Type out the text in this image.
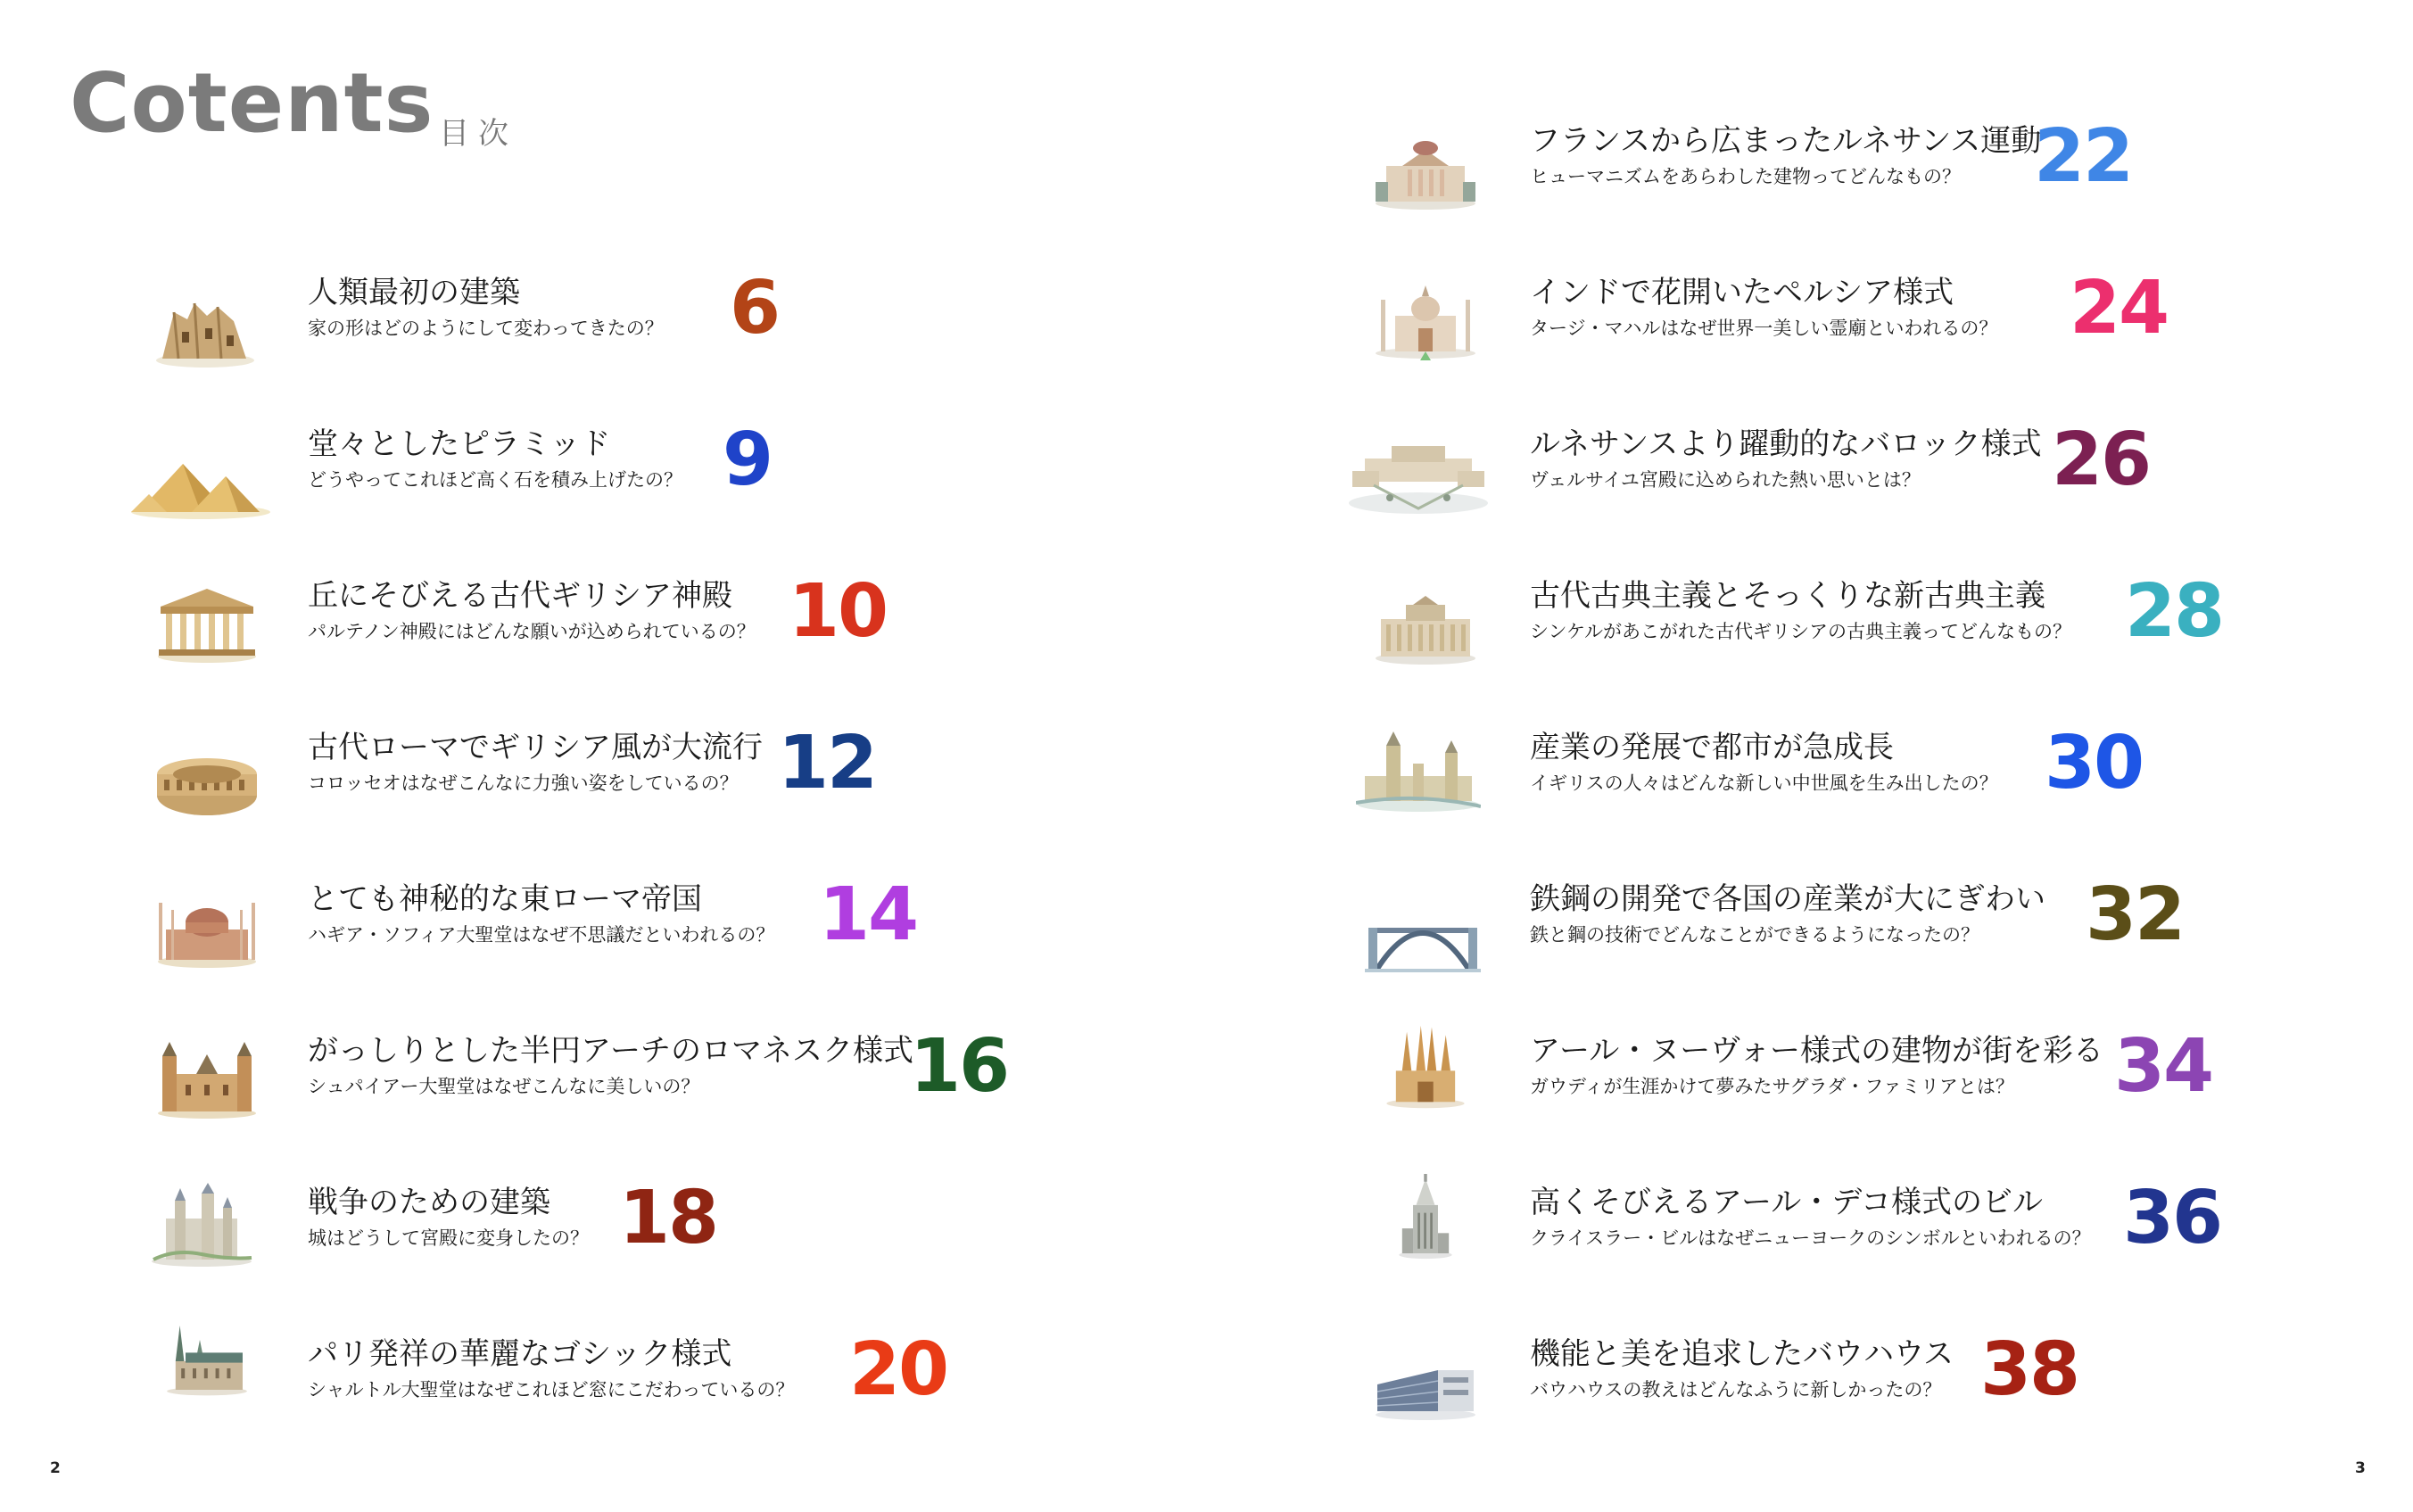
Cotents 目次
人類最初の建築
家の形はどのようにして変わってきたの？ 6
堂々としたピラミッド
どうやってこれほど高く石を積み上げたの？ 9
丘にそびえる古代ギリシア神殿
パルテノン神殿にはどんな願いが込められているの？ 10
古代ローマでギリシア風が大流行
コロッセオはなぜこんなに力強い姿をしているの？ 12
とても神秘的な東ローマ帝国
ハギア・ソフィア大聖堂はなぜ不思議だといわれるの？ 14
がっしりとした半円アーチのロマネスク様式
シュパイアー大聖堂はなぜこんなに美しいの？	16
戦争のための建築
城はどうして宮殿に変身したの？ 18
パリ発祥の華麗なゴシック様式
シャルトル大聖堂はなぜこれほど窓にこだわっているの？ 20
フランスから広まったルネサンス運動
ヒューマニズムをあらわした建物ってどんなもの？	22
インドで花開いたペルシア様式
タージ・マハルはなぜ世界一美しい霊廟といわれるの？ 24
ルネサンスより躍動的なバロック様式
ヴェルサイユ宮殿に込められた熱い思いとは？	26
古代古典主義とそっくりな新古典主義
シンケルがあこがれた古代ギリシアの古典主義ってどんなもの？ 28
産業の発展で都市が急成長
イギリスの人々はどんな新しい中世風を生み出したの？ 30
鉄鋼の開発で各国の産業が大にぎわい
鉄と鋼の技術でどんなことができるようになったの？	32
アール・ヌーヴォー様式の建物が街を彩る
ガウディが生涯かけて夢みたサグラダ・ファミリアとは？	34
高くそびえるアール・デコ様式のビル
クライスラー・ビルはなぜニューヨークのシンボルといわれるの？ 36
機能と美を追求したバウハウス
バウハウスの教えはどんなふうに新しかったの？ 38
2	3
